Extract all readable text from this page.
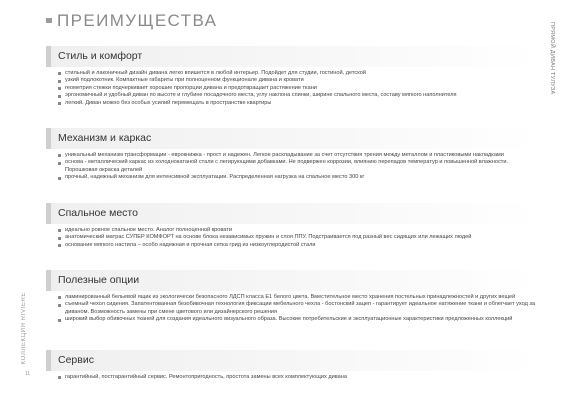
ПРЕИМУЩЕСТВА
ПРЯМОЙ ДИВАН ТУЛУЗА
КОЛЛЕКЦИЯ RIVIERE
11
Стиль и комфорт
стильный и лаконичный дизайн дивана легко впишется в любой интерьер. Подойдет для студии, гостиной, детской
узкий подлокотник. Компактные габариты при полноценном функционале дивана и кровати
геометрия стежки подчеркивает хорошие пропорции дивана и предотвращает растяжение ткани
эргономичный и удобный диван по высоте и глубине посадочного места, углу наклона спинки, ширине спального места, составу мягкого наполнителя
легкий. Диван можно без особых усилий перемещать в пространстве квартиры
Механизм и каркас
уникальный механизм трансформации - еврокнижка - прост и надежен. Легкое раскладывание за счет отсутствия трения между металлом и пластиковыми накладками
основа - металлический каркас из холоднокатаной стали с легирующими добавками. Не подвержен коррозии, влиянию перепадов температур и повышенной влажности. Порошковая окраска деталей
прочный, надежный механизм для интенсивной эксплуатации. Распределенная нагрузка на спальное место 300 кг
Спальное место
идеально ровное спальное место. Аналог полноценной кровати
анатомический матрас СУПЕР КОМФОРТ на основе блока независимых пружин и слоя ППУ. Подстраивается под разный вес сидящих или лежащих людей
основание мягкого настила – особо надежная и прочная сетка грид из низкоуглеродистой стали
Полезные опции
ламинированный бельевой ящик из экологически безопасного ЛДСП класса Е1 белого цвета. Вместительное место хранения постельных принадлежностей и других вещей
съемный чехол сидения. Запатентованная безобивочная технология фиксации мебельного чехла - бостонский зацеп - гарантирует идеальное натяжение ткани и облегчает уход за диваном. Возможность замены при смене цветового или дизайнерского решения
широкий выбор обивочных тканей для создания идеального визуального образа. Высокие потребительские и эксплуатационные характеристики предложенных коллекций
Сервис
гарантийный, постгарантийный сервис. Ремонтопригодность, простота замены всех комплектующих дивана
